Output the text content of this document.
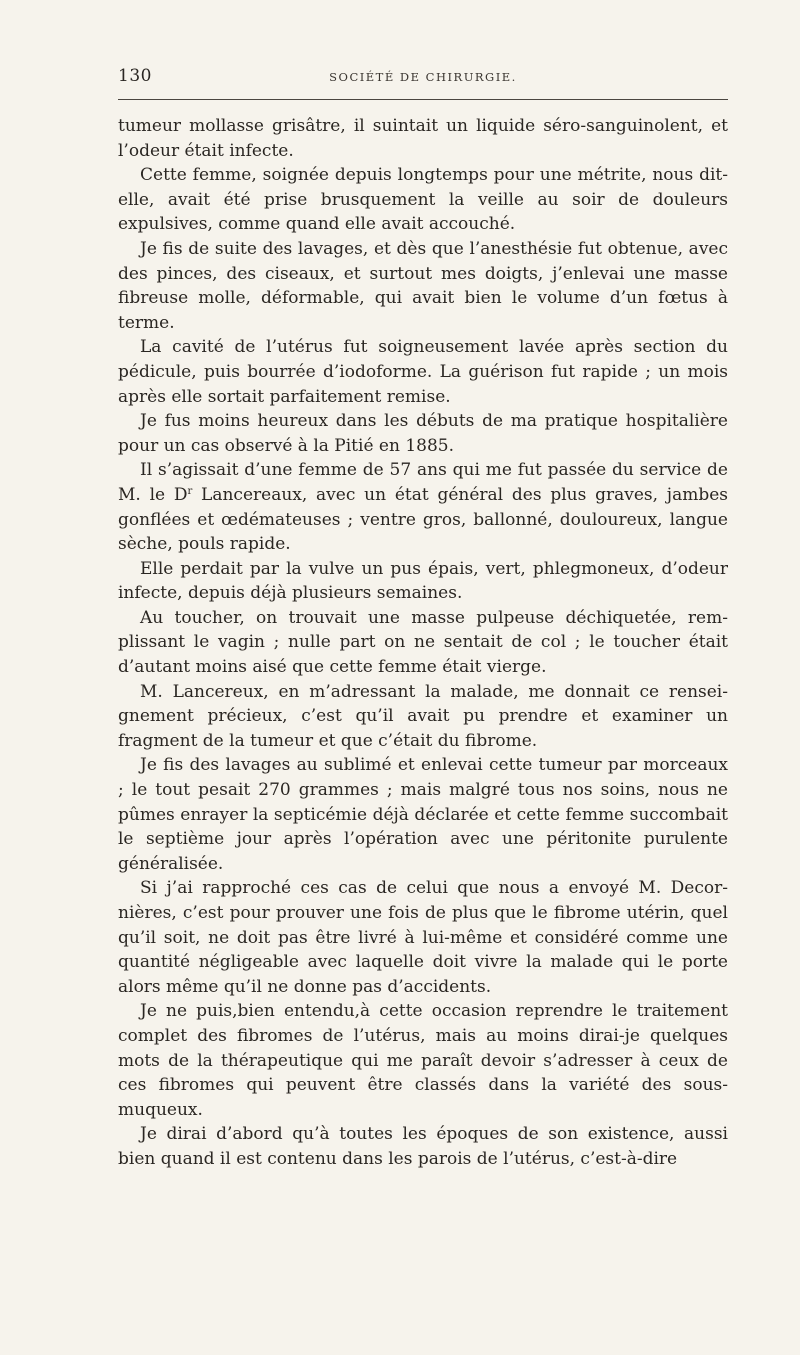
130	SOCIÉTÉ DE CHIRURGIE.

tumeur mollasse grisâtre, il suintait un liquide séro-sanguinolent, et l’odeur était infecte.

Cette femme, soignée depuis longtemps pour une métrite, nous dit-elle, avait été prise brusquement la veille au soir de douleurs expulsives, comme quand elle avait accouché.

Je fis de suite des lavages, et dès que l’anesthésie fut obtenue, avec des pinces, des ciseaux, et surtout mes doigts, j’enlevai une masse fibreuse molle, déformable, qui avait bien le volume d’un fœtus à terme.

La cavité de l’utérus fut soigneusement lavée après section du pédicule, puis bourrée d’iodoforme. La guérison fut rapide ; un mois après elle sortait parfaitement remise.

Je fus moins heureux dans les débuts de ma pratique hospitalière pour un cas observé à la Pitié en 1885.

Il s’agissait d’une femme de 57 ans qui me fut passée du service de M. le $D^r$ Lancereaux, avec un état général des plus graves, jambes gonflées et œdémateuses ; ventre gros, ballonné, douloureux, langue sèche, pouls rapide.

Elle perdait par la vulve un pus épais, vert, phlegmoneux, d’odeur infecte, depuis déjà plusieurs semaines.

Au toucher, on trouvait une masse pulpeuse déchiquetée, remplissant le vagin ; nulle part on ne sentait de col ; le toucher était d’autant moins aisé que cette femme était vierge.

M. Lancereux, en m’adressant la malade, me donnait ce renseignement précieux, c’est qu’il avait pu prendre et examiner un fragment de la tumeur et que c’était du fibrome.

Je fis des lavages au sublimé et enlevai cette tumeur par morceaux ; le tout pesait 270 grammes ; mais malgré tous nos soins, nous ne pûmes enrayer la septicémie déjà déclarée et cette femme succombait le septième jour après l’opération avec une péritonite purulente généralisée.

Si j’ai rapproché ces cas de celui que nous a envoyé M. Decornières, c’est pour prouver une fois de plus que le fibrome utérin, quel qu’il soit, ne doit pas être livré à lui-même et considéré comme une quantité négligeable avec laquelle doit vivre la malade qui le porte alors même qu’il ne donne pas d’accidents.

Je ne puis,bien entendu,à cette occasion reprendre le traitement complet des fibromes de l’utérus, mais au moins dirai-je quelques mots de la thérapeutique qui me paraît devoir s’adresser à ceux de ces fibromes qui peuvent être classés dans la variété des sousmuqueux.

Je dirai d’abord qu’à toutes les époques de son existence, aussi bien quand il est contenu dans les parois de l’utérus, c’est-à-dire
